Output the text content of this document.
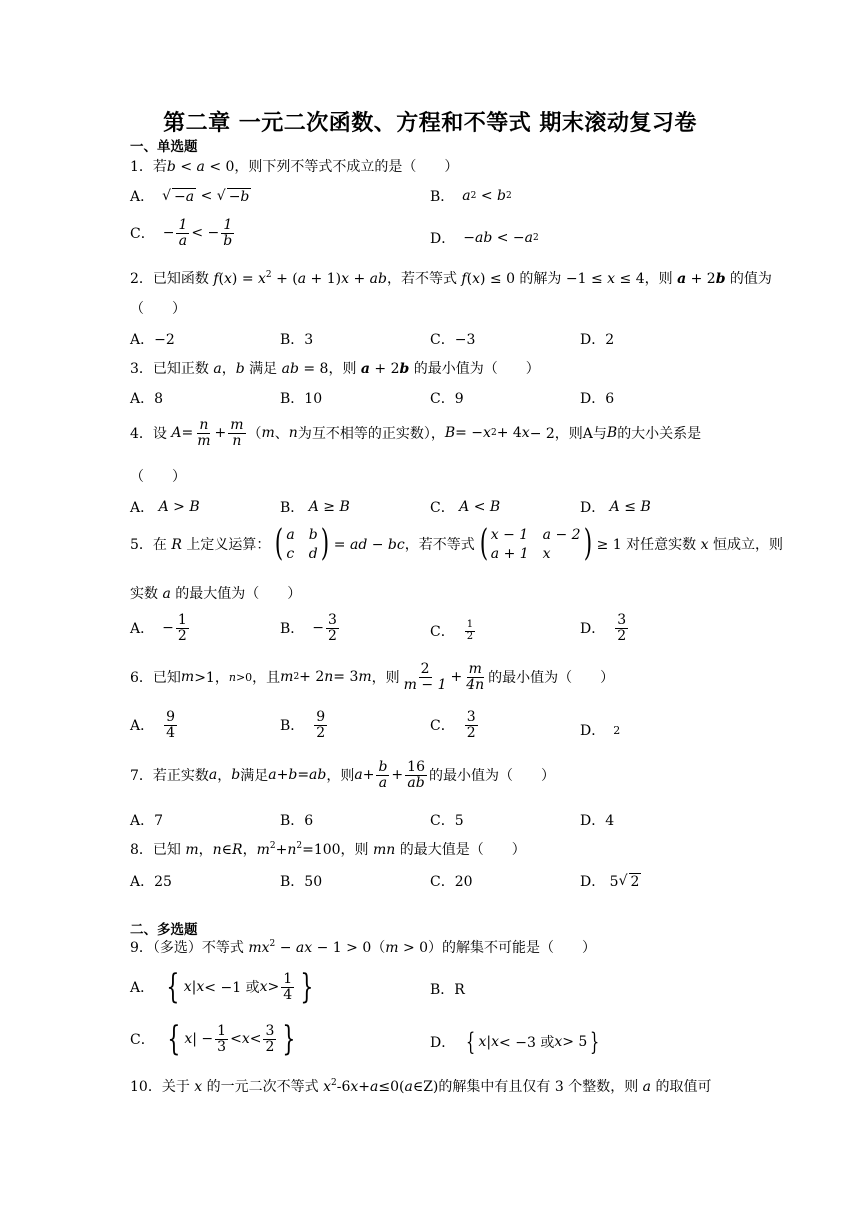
第二章 一元二次函数、方程和不等式 期末滚动复习卷
一、单选题
1．若b < a < 0，则下列不等式不成立的是（　　）
A． √ −a < √ −b	B． a 2 < b 2
C． − $\frac{1}{a}$ < − $\frac{1}{b}$	D． − ab < − a 2
2．已知函数 $f(x) = x^2 + (a + 1)x$ + ab，若不等式 f(x) ≤ 0 的解为 −1 ≤ x ≤ 4，则 a + 2b 的值为
（　　）
A．−2	B．3	C．−3	D．2
3．已知正数 a，b 满足 ab = 8，则 a + 2b 的最小值为（　　）
A．8	B．10	C．9	D．6
4．设 $A = \frac{n}{m} + \frac{m}{n}$ （ m 、 n 为互不相等的正实数）， B = − x 2 + 4 x − 2，则A与 B 的大小关系是
（　　）
A． A > B	B． A ≥ B	C． A < B	D． A ≤ B
5．在 R 上定义运算： ( a b
c d ) = ad − bc，若不等式 ( x − 1 a − 2
a + 1 x ) ≥ 1 对任意实数 x 恒成立，则
实数 a 的最大值为（　　）
A． − $\frac{1}{2}$	B． − $\frac{3}{2}$	C． $\frac{1}{2}$	D． $\frac{3}{2}$
6．已知 m >1， n>0 ，且 m 2 + 2 n = 3 m ，则 $\frac{2}{m - 1} + \frac{m}{4n}$ 的最小值为（　　）
A． $\frac{9}{4}$	B． $\frac{9}{2}$	C． $\frac{3}{2}$	D． 2
7．若正实数 a ， b 满足 a + b = ab ，则 $a + \frac{b}{a} + \frac{16}{ab}$ 的最小值为（　　）
A．7	B．6	C．5	D．4
8．已知 m，n∈R，$m^2+n^2=100$，则 mn 的最大值是（　　）
A．25	B．50	C．20	D． 5 √ 2
二、多选题
9．（多选）不等式 $mx^2$ − ax − 1 > 0（m > 0）的解集不可能是（　　）
A． { x | x < −1 或 $x > \frac{1}{4}$ }	B．R
C． { x | − $\frac{1}{3} < x < \frac{3}{2}$ }	D． { x | x < −3 或 x > 5 }
10．关于 x 的一元二次不等式 $x^2-6x+a\le 0(a\in Z)$的解集中有且仅有 3 个整数，则 a 的取值可
